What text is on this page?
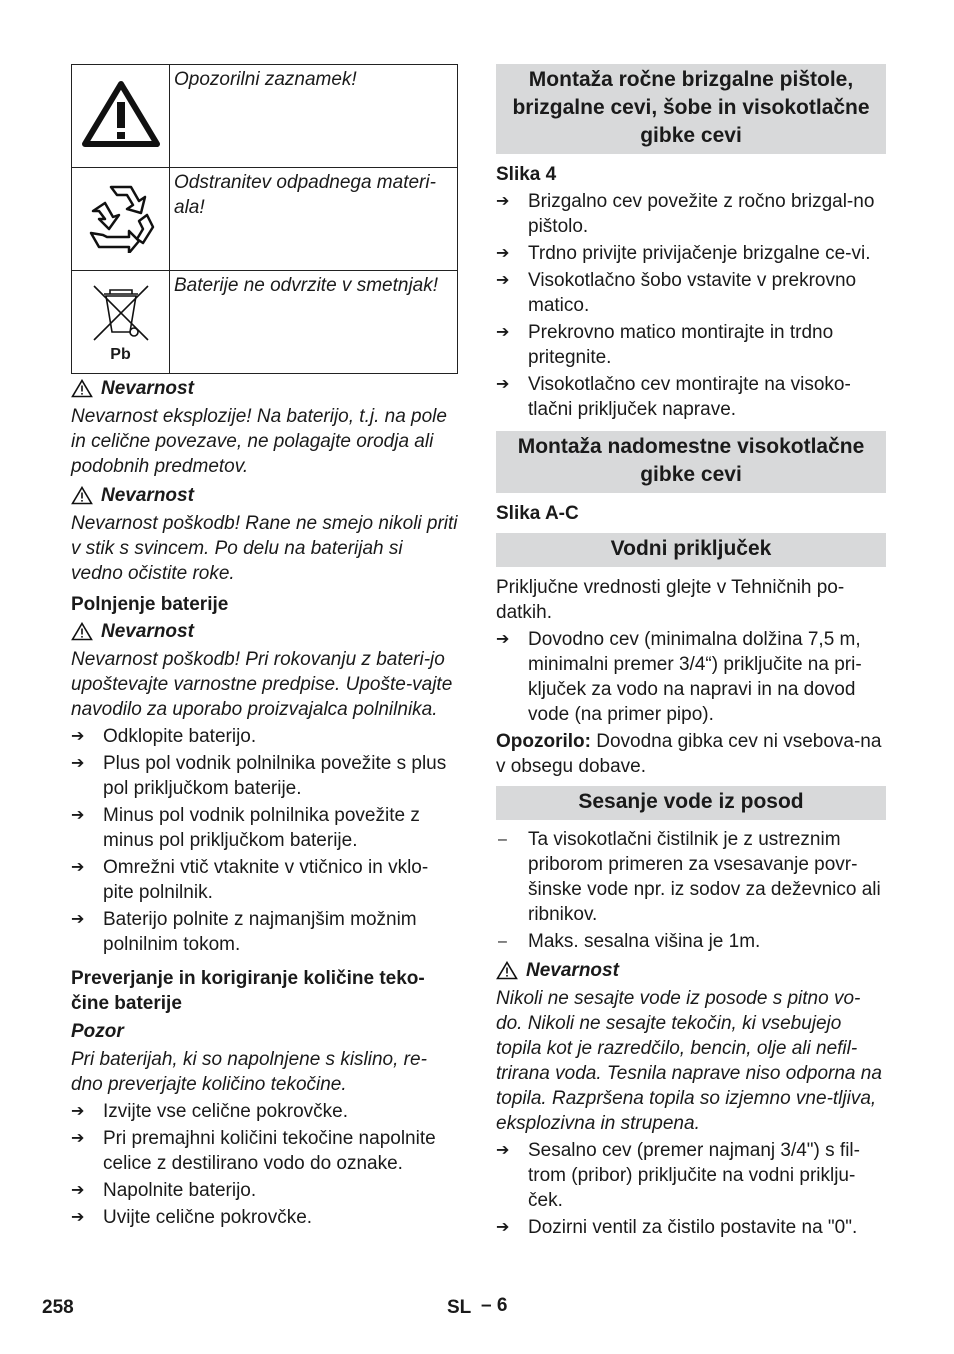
	Opozorilni zaznamek!
	Odstranitev odpadnega materi-ala!

Pb	Baterije ne odvrzite v smetnjak!
Nevarnost

Nevarnost eksplozije! Na baterijo, t.j. na pole in celične povezave, ne polagajte orodja ali podobnih predmetov.

Nevarnost

Nevarnost poškodb! Rane ne smejo nikoli priti v stik s svincem. Po delu na baterijah si vedno očistite roke.

Polnjenje baterije

Nevarnost

Nevarnost poškodb! Pri rokovanju z bateri-jo upoštevajte varnostne predpise. Upošte-vajte navodilo za uporabo proizvajalca polnilnika.

➔ Odklopite baterijo.
➔ Plus pol vodnik polnilnika povežite s plus pol priključkom baterije.
➔ Minus pol vodnik polnilnika povežite z minus pol priključkom baterije.
➔ Omrežni vtič vtaknite v vtičnico in vklo-pite polnilnik.
➔ Baterijo polnite z najmanjšim možnim polnilnim tokom.

Preverjanje in korigiranje količine teko-čine baterije

Pozor

Pri baterijah, ki so napolnjene s kislino, re-dno preverjajte količino tekočine.

➔ Izvijte vse celične pokrovčke.
➔ Pri premajhni količini tekočine napolnite celice z destilirano vodo do oznake.
➔ Napolnite baterijo.
➔ Uvijte celične pokrovčke.
Montaža ročne brizgalne pištole, brizgalne cevi, šobe in visokotlačne gibke cevi

Slika 4

➔ Brizgalno cev povežite z ročno brizgal-no pištolo.
➔ Trdno privijte privijačenje brizgalne ce-vi.
➔ Visokotlačno šobo vstavite v prekrovno matico.
➔ Prekrovno matico montirajte in trdno pritegnite.
➔ Visokotlačno cev montirajte na visoko-tlačni priključek naprave.
Montaža nadomestne visokotlačne gibke cevi

Slika A-C

Vodni priključek

Priključne vrednosti glejte v Tehničnih po-datkih.

➔ Dovodno cev (minimalna dolžina 7,5 m, minimalni premer 3/4“) priključite na pri-ključek za vodo na napravi in na dovod vode (na primer pipo).

Opozorilo: Dovodna gibka cev ni vsebova-na v obsegu dobave.

Sesanje vode iz posod
–	Ta visokotlačni čistilnik je z ustreznim priborom primeren za vsesavanje povr-šinske vode npr. iz sodov za deževnico ali ribnikov.
–	Maks. sesalna višina je 1m.
Nevarnost

Nikoli ne sesajte vode iz posode s pitno vo-do. Nikoli ne sesajte tekočin, ki vsebujejo topila kot je razredčilo, bencin, olje ali nefil-trirana voda. Tesnila naprave niso odporna na topila. Razpršena topila so izjemno vne-tljiva, eksplozivna in strupena.

➔ Sesalno cev (premer najmanj 3/4") s fil-trom (pribor) priključite na vodni priklju-ček.
➔ Dozirni ventil za čistilo postavite na "0".
258	SL – 6
